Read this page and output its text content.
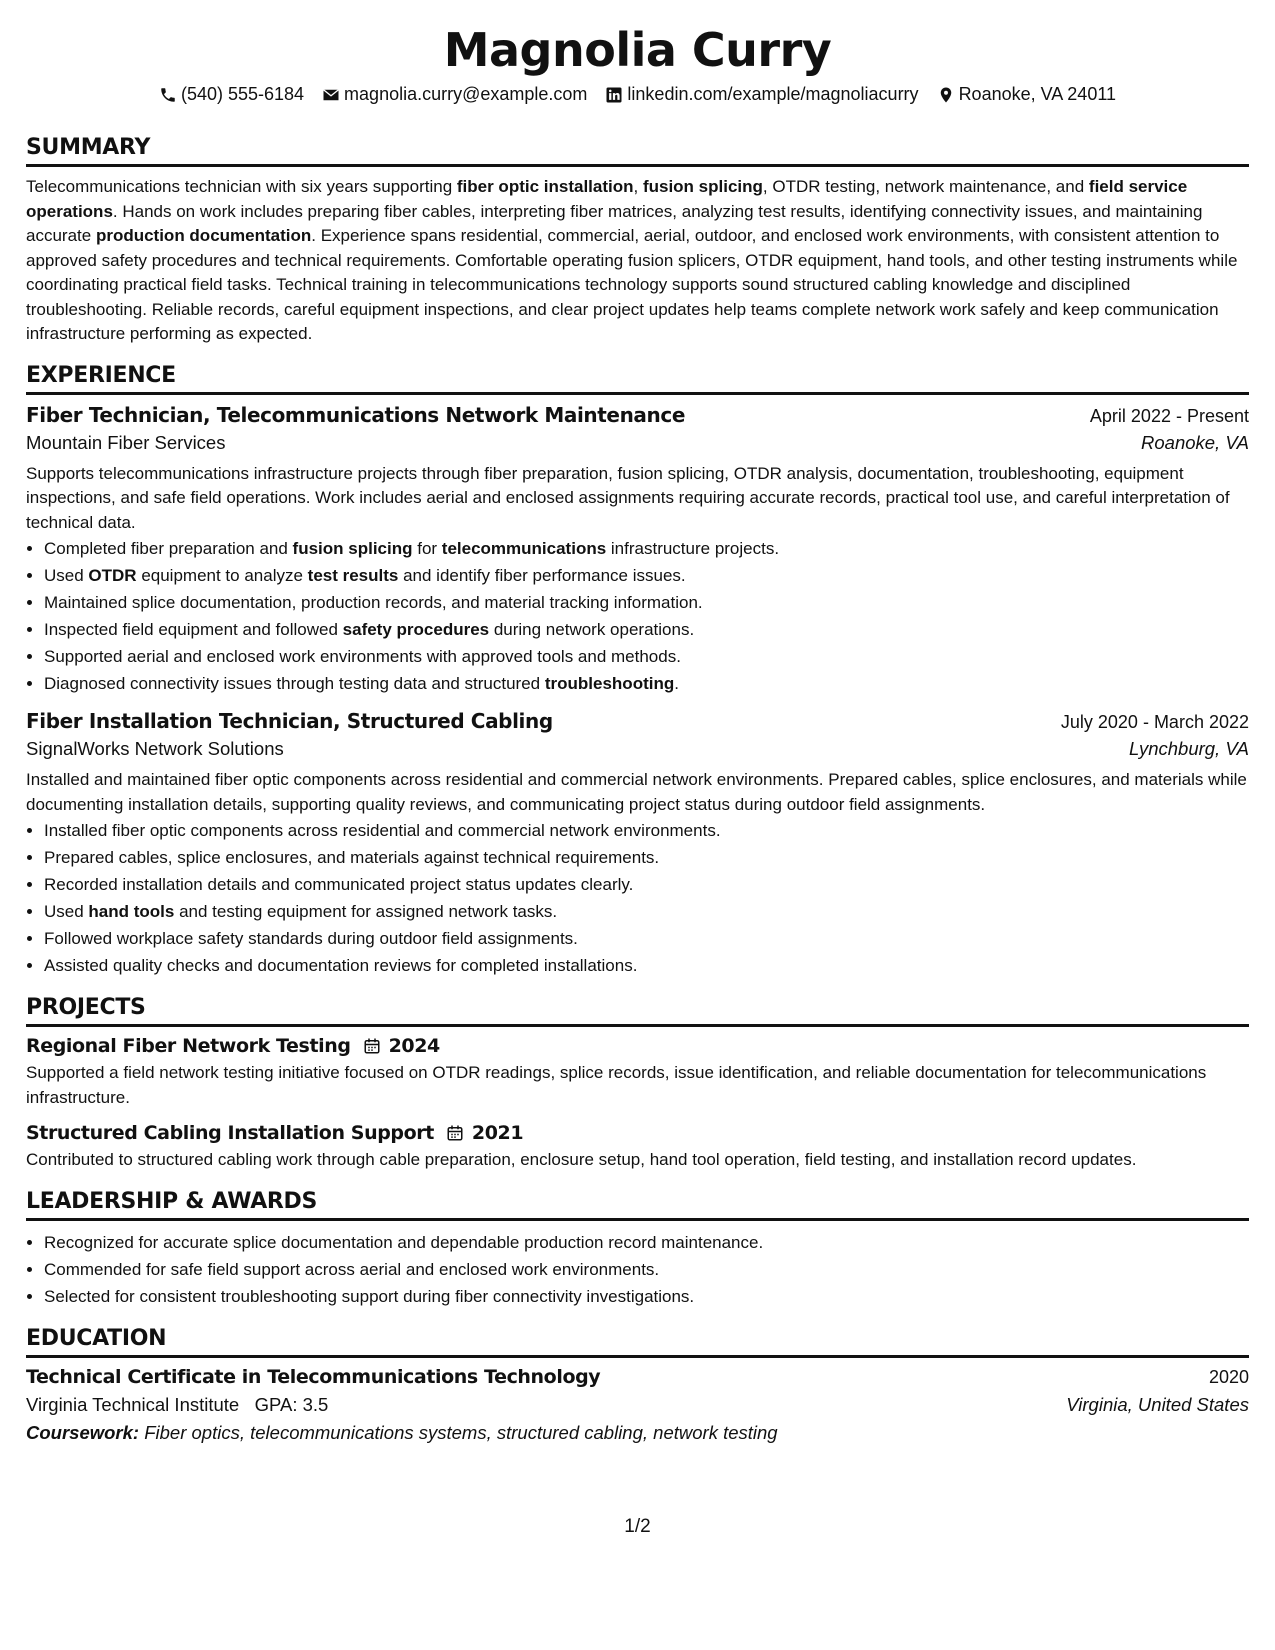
Magnolia Curry
(540) 555-6184 magnolia.curry@example.com linkedin.com/example/magnoliacurry Roanoke, VA 24011
SUMMARY
Telecommunications technician with six years supporting fiber optic installation, fusion splicing, OTDR testing, network maintenance, and field service operations. Hands on work includes preparing fiber cables, interpreting fiber matrices, analyzing test results, identifying connectivity issues, and maintaining accurate production documentation. Experience spans residential, commercial, aerial, outdoor, and enclosed work environments, with consistent attention to approved safety procedures and technical requirements. Comfortable operating fusion splicers, OTDR equipment, hand tools, and other testing instruments while coordinating practical field tasks. Technical training in telecommunications technology supports sound structured cabling knowledge and disciplined troubleshooting. Reliable records, careful equipment inspections, and clear project updates help teams complete network work safely and keep communication infrastructure performing as expected.
EXPERIENCE
Fiber Technician, Telecommunications Network Maintenance	April 2022 - Present
Mountain Fiber Services	Roanoke, VA
Supports telecommunications infrastructure projects through fiber preparation, fusion splicing, OTDR analysis, documentation, troubleshooting, equipment inspections, and safe field operations. Work includes aerial and enclosed assignments requiring accurate records, practical tool use, and careful interpretation of technical data.
• Completed fiber preparation and fusion splicing for telecommunications infrastructure projects.
• Used OTDR equipment to analyze test results and identify fiber performance issues.
• Maintained splice documentation, production records, and material tracking information.
• Inspected field equipment and followed safety procedures during network operations.
• Supported aerial and enclosed work environments with approved tools and methods.
• Diagnosed connectivity issues through testing data and structured troubleshooting.
Fiber Installation Technician, Structured Cabling	July 2020 - March 2022
SignalWorks Network Solutions	Lynchburg, VA
Installed and maintained fiber optic components across residential and commercial network environments. Prepared cables, splice enclosures, and materials while documenting installation details, supporting quality reviews, and communicating project status during outdoor field assignments.
• Installed fiber optic components across residential and commercial network environments.
• Prepared cables, splice enclosures, and materials against technical requirements.
• Recorded installation details and communicated project status updates clearly.
• Used hand tools and testing equipment for assigned network tasks.
• Followed workplace safety standards during outdoor field assignments.
• Assisted quality checks and documentation reviews for completed installations.
PROJECTS
Regional Fiber Network Testing 2024
Supported a field network testing initiative focused on OTDR readings, splice records, issue identification, and reliable documentation for telecommunications infrastructure.
Structured Cabling Installation Support 2021
Contributed to structured cabling work through cable preparation, enclosure setup, hand tool operation, field testing, and installation record updates.
LEADERSHIP & AWARDS
• Recognized for accurate splice documentation and dependable production record maintenance.
• Commended for safe field support across aerial and enclosed work environments.
• Selected for consistent troubleshooting support during fiber connectivity investigations.
EDUCATION
Technical Certificate in Telecommunications Technology	2020
Virginia Technical Institute GPA: 3.5	Virginia, United States
Coursework: Fiber optics, telecommunications systems, structured cabling, network testing
1/2
